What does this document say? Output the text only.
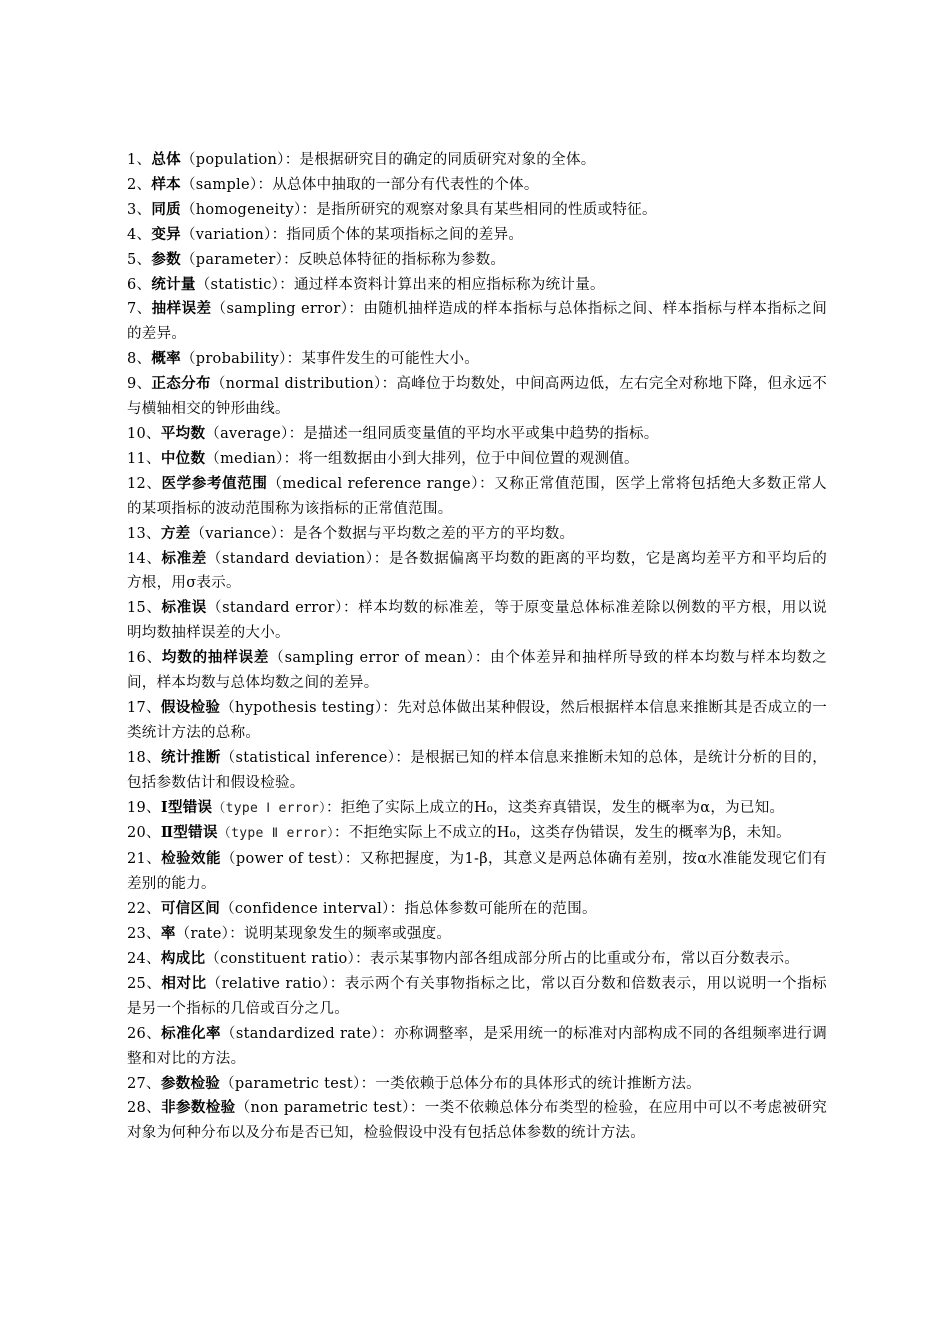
1、总体（population）：是根据研究目的确定的同质研究对象的全体。

2、样本（sample）：从总体中抽取的一部分有代表性的个体。

3、同质（homogeneity）：是指所研究的观察对象具有某些相同的性质或特征。

4、变异（variation）：指同质个体的某项指标之间的差异。

5、参数（parameter）：反映总体特征的指标称为参数。

6、统计量（statistic）：通过样本资料计算出来的相应指标称为统计量。

7、抽样误差（sampling error）：由随机抽样造成的样本指标与总体指标之间、样本指标与样本指标之间的差异。

8、概率（probability）：某事件发生的可能性大小。

9、正态分布（normal distribution）：高峰位于均数处，中间高两边低，左右完全对称地下降，但永远不与横轴相交的钟形曲线。

10、平均数（average）：是描述一组同质变量值的平均水平或集中趋势的指标。

11、中位数（median）：将一组数据由小到大排列，位于中间位置的观测值。

12、医学参考值范围（medical reference range）：又称正常值范围，医学上常将包括绝大多数正常人的某项指标的波动范围称为该指标的正常值范围。

13、方差（variance）：是各个数据与平均数之差的平方的平均数。

14、标准差（standard deviation）：是各数据偏离平均数的距离的平均数，它是离均差平方和平均后的方根，用σ表示。

15、标准误（standard error）：样本均数的标准差，等于原变量总体标准差除以例数的平方根，用以说明均数抽样误差的大小。

16、均数的抽样误差（sampling error of mean）：由个体差异和抽样所导致的样本均数与样本均数之间，样本均数与总体均数之间的差异。

17、假设检验（hypothesis testing）：先对总体做出某种假设，然后根据样本信息来推断其是否成立的一类统计方法的总称。

18、统计推断（statistical inference）：是根据已知的样本信息来推断未知的总体，是统计分析的目的，包括参数估计和假设检验。

19、Ⅰ型错误（type Ⅰ error）：拒绝了实际上成立的H₀，这类弃真错误，发生的概率为α，为已知。

20、Ⅱ型错误（type Ⅱ error）：不拒绝实际上不成立的H₀，这类存伪错误，发生的概率为β，未知。

21、检验效能（power of test）：又称把握度，为1-β，其意义是两总体确有差别，按α水准能发现它们有差别的能力。

22、可信区间（confidence interval）：指总体参数可能所在的范围。

23、率（rate）：说明某现象发生的频率或强度。

24、构成比（constituent ratio）：表示某事物内部各组成部分所占的比重或分布，常以百分数表示。

25、相对比（relative ratio）：表示两个有关事物指标之比，常以百分数和倍数表示，用以说明一个指标是另一个指标的几倍或百分之几。

26、标准化率（standardized rate）：亦称调整率，是采用统一的标准对内部构成不同的各组频率进行调整和对比的方法。

27、参数检验（parametric test）：一类依赖于总体分布的具体形式的统计推断方法。

28、非参数检验（non parametric test）：一类不依赖总体分布类型的检验，在应用中可以不考虑被研究对象为何种分布以及分布是否已知，检验假设中没有包括总体参数的统计方法。
